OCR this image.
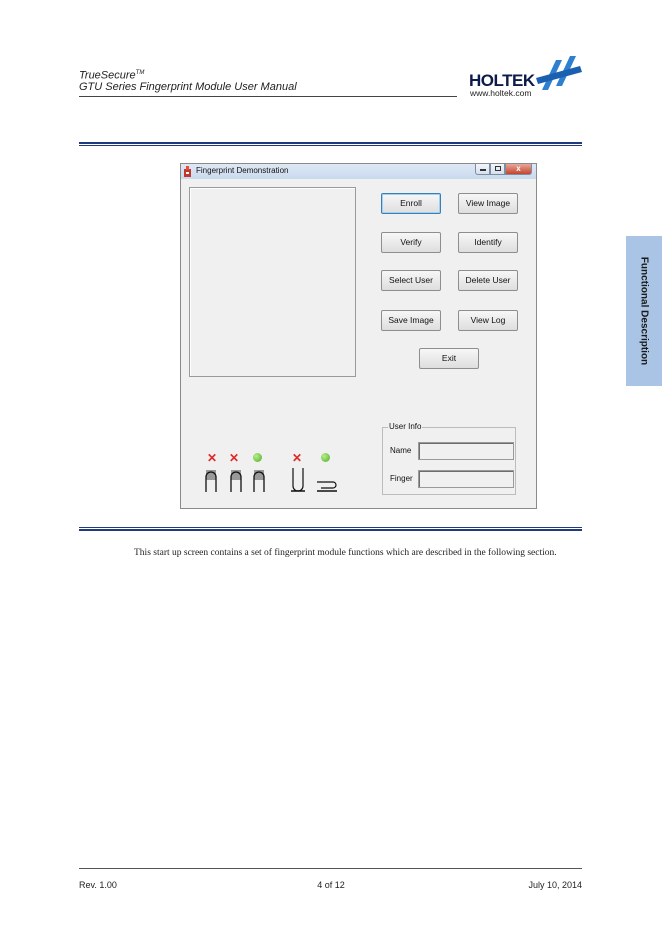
TrueSecure™
GTU Series Fingerprint Module User Manual	HOLTEK
www.holtek.com
Functional Description
Fingerprint Demonstration	x
Enroll	View Image
Verify	Identify
Select User	Delete User
Save Image	View Log
Exit
✕ ✕	✕
User Info
Name
Finger
This start up screen contains a set of fingerprint module functions which are described in the following section.
Rev. 1.00	4 of 12	July 10, 2014
